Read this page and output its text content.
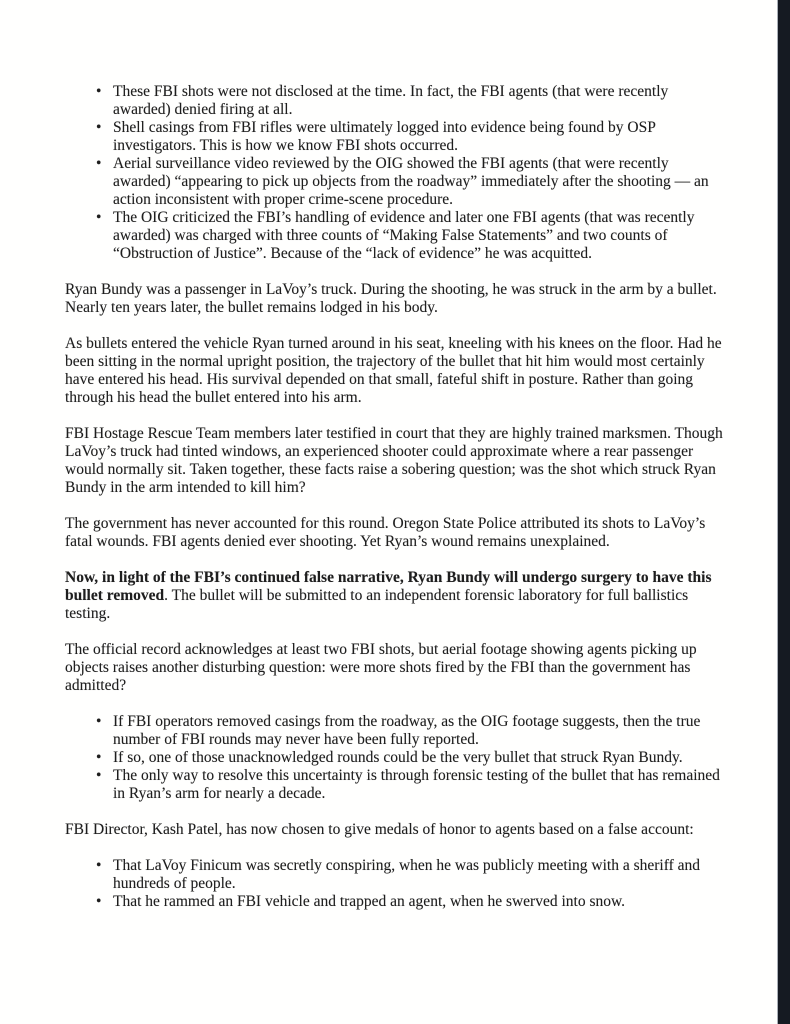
• These FBI shots were not disclosed at the time. In fact, the FBI agents (that were recently awarded) denied firing at all.
• Shell casings from FBI rifles were ultimately logged into evidence being found by OSP investigators. This is how we know FBI shots occurred.
• Aerial surveillance video reviewed by the OIG showed the FBI agents (that were recently awarded) “appearing to pick up objects from the roadway” immediately after the shooting — an action inconsistent with proper crime-scene procedure.
• The OIG criticized the FBI’s handling of evidence and later one FBI agents (that was recently awarded) was charged with three counts of “Making False Statements” and two counts of “Obstruction of Justice”. Because of the “lack of evidence” he was acquitted.

Ryan Bundy was a passenger in LaVoy’s truck. During the shooting, he was struck in the arm by a bullet. Nearly ten years later, the bullet remains lodged in his body.

As bullets entered the vehicle Ryan turned around in his seat, kneeling with his knees on the floor. Had he been sitting in the normal upright position, the trajectory of the bullet that hit him would most certainly have entered his head. His survival depended on that small, fateful shift in posture. Rather than going through his head the bullet entered into his arm.

FBI Hostage Rescue Team members later testified in court that they are highly trained marksmen. Though LaVoy’s truck had tinted windows, an experienced shooter could approximate where a rear passenger would normally sit. Taken together, these facts raise a sobering question; was the shot which struck Ryan Bundy in the arm intended to kill him?

The government has never accounted for this round. Oregon State Police attributed its shots to LaVoy’s fatal wounds. FBI agents denied ever shooting. Yet Ryan’s wound remains unexplained.

Now, in light of the FBI’s continued false narrative, Ryan Bundy will undergo surgery to have this bullet removed. The bullet will be submitted to an independent forensic laboratory for full ballistics testing.

The official record acknowledges at least two FBI shots, but aerial footage showing agents picking up objects raises another disturbing question: were more shots fired by the FBI than the government has admitted?

• If FBI operators removed casings from the roadway, as the OIG footage suggests, then the true number of FBI rounds may never have been fully reported.
• If so, one of those unacknowledged rounds could be the very bullet that struck Ryan Bundy.
• The only way to resolve this uncertainty is through forensic testing of the bullet that has remained in Ryan’s arm for nearly a decade.

FBI Director, Kash Patel, has now chosen to give medals of honor to agents based on a false account:

• That LaVoy Finicum was secretly conspiring, when he was publicly meeting with a sheriff and hundreds of people.
• That he rammed an FBI vehicle and trapped an agent, when he swerved into snow.
